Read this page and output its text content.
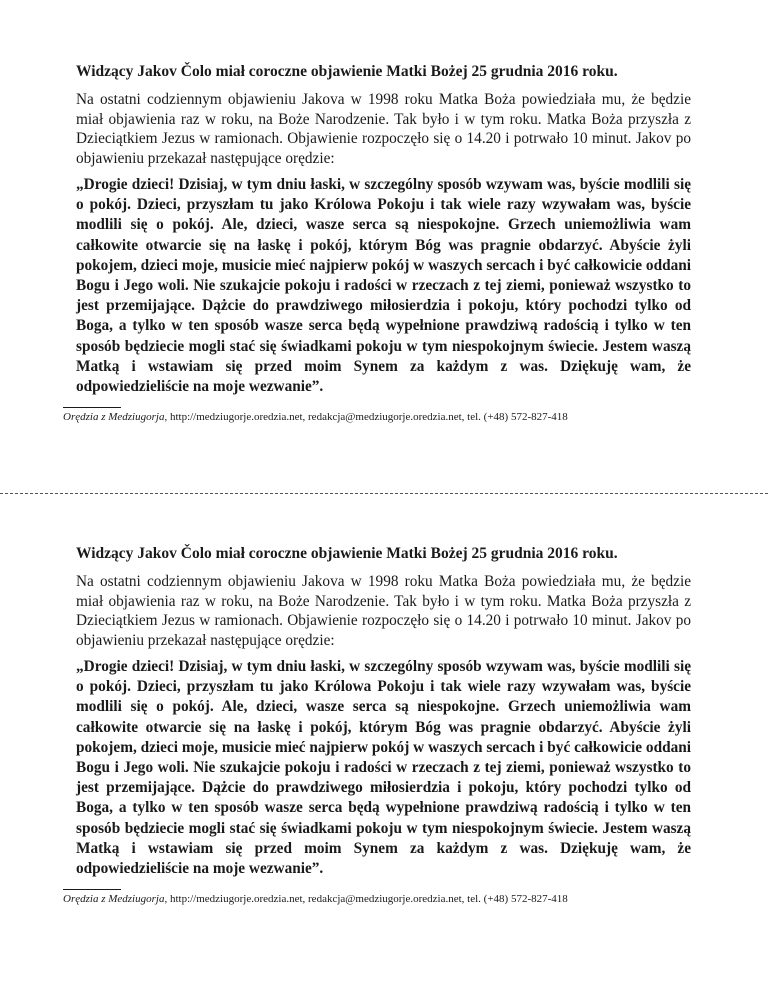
Widzący Jakov Čolo miał coroczne objawienie Matki Bożej 25 grudnia 2016 roku.

Na ostatni codziennym objawieniu Jakova w 1998 roku Matka Boża powiedziała mu, że będzie miał objawienia raz w roku, na Boże Narodzenie. Tak było i w tym roku. Matka Boża przyszła z Dzieciątkiem Jezus w ramionach. Objawienie rozpoczęło się o 14.20 i potrwało 10 minut. Jakov po objawieniu przekazał następujące orędzie:

„Drogie dzieci! Dzisiaj, w tym dniu łaski, w szczególny sposób wzywam was, byście modlili się o pokój. Dzieci, przyszłam tu jako Królowa Pokoju i tak wiele razy wzywałam was, byście modlili się o pokój. Ale, dzieci, wasze serca są niespokojne. Grzech uniemożliwia wam całkowite otwarcie się na łaskę i pokój, którym Bóg was pragnie obdarzyć. Abyście żyli pokojem, dzieci moje, musicie mieć najpierw pokój w waszych sercach i być całkowicie oddani Bogu i Jego woli. Nie szukajcie pokoju i radości w rzeczach z tej ziemi, ponieważ wszystko to jest przemijające. Dążcie do prawdziwego miłosierdzia i pokoju, który pochodzi tylko od Boga, a tylko w ten sposób wasze serca będą wypełnione prawdziwą radością i tylko w ten sposób będziecie mogli stać się świadkami pokoju w tym niespokojnym świecie. Jestem waszą Matką i wstawiam się przed moim Synem za każdym z was. Dziękuję wam, że odpowiedzieliście na moje wezwanie”.

Orędzia z Medziugorja, http://medziugorje.oredzia.net, redakcja@medziugorje.oredzia.net, tel. (+48) 572-827-418
Widzący Jakov Čolo miał coroczne objawienie Matki Bożej 25 grudnia 2016 roku.

Na ostatni codziennym objawieniu Jakova w 1998 roku Matka Boża powiedziała mu, że będzie miał objawienia raz w roku, na Boże Narodzenie. Tak było i w tym roku. Matka Boża przyszła z Dzieciątkiem Jezus w ramionach. Objawienie rozpoczęło się o 14.20 i potrwało 10 minut. Jakov po objawieniu przekazał następujące orędzie:

„Drogie dzieci! Dzisiaj, w tym dniu łaski, w szczególny sposób wzywam was, byście modlili się o pokój. Dzieci, przyszłam tu jako Królowa Pokoju i tak wiele razy wzywałam was, byście modlili się o pokój. Ale, dzieci, wasze serca są niespokojne. Grzech uniemożliwia wam całkowite otwarcie się na łaskę i pokój, którym Bóg was pragnie obdarzyć. Abyście żyli pokojem, dzieci moje, musicie mieć najpierw pokój w waszych sercach i być całkowicie oddani Bogu i Jego woli. Nie szukajcie pokoju i radości w rzeczach z tej ziemi, ponieważ wszystko to jest przemijające. Dążcie do prawdziwego miłosierdzia i pokoju, który pochodzi tylko od Boga, a tylko w ten sposób wasze serca będą wypełnione prawdziwą radością i tylko w ten sposób będziecie mogli stać się świadkami pokoju w tym niespokojnym świecie. Jestem waszą Matką i wstawiam się przed moim Synem za każdym z was. Dziękuję wam, że odpowiedzieliście na moje wezwanie”.

Orędzia z Medziugorja, http://medziugorje.oredzia.net, redakcja@medziugorje.oredzia.net, tel. (+48) 572-827-418
